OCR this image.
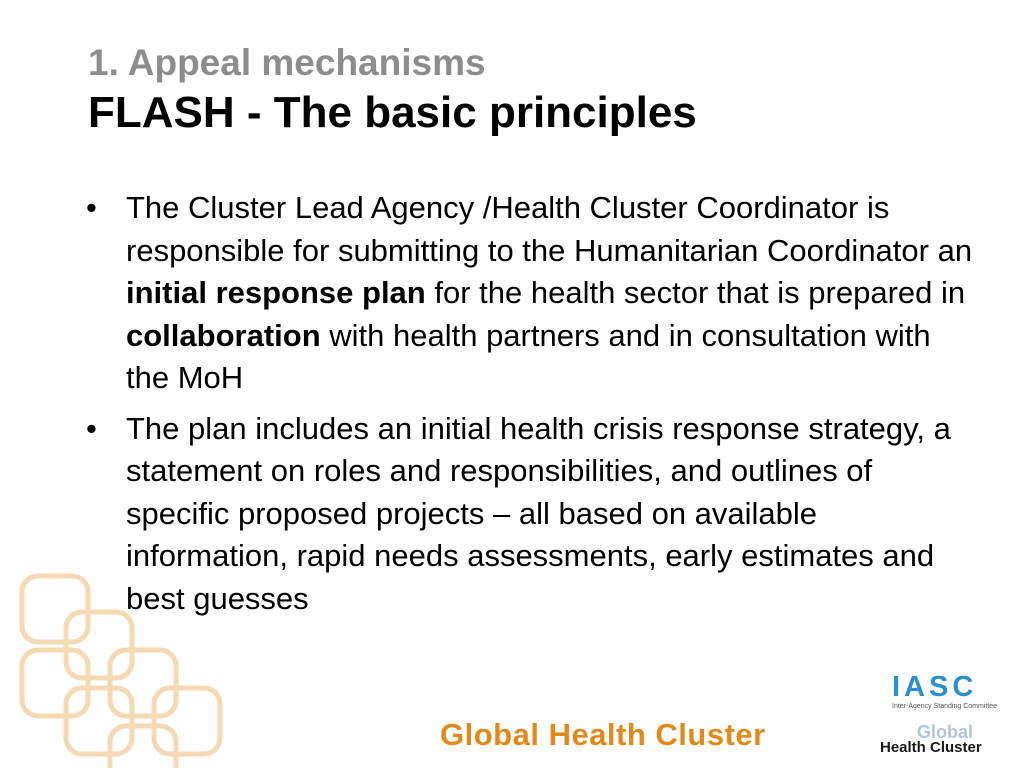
1. Appeal mechanisms
FLASH - The basic principles
• The Cluster Lead Agency /Health Cluster Coordinator is responsible for submitting to the Humanitarian Coordinator an initial response plan for the health sector that is prepared in collaboration with health partners and in consultation with the MoH
• The plan includes an initial health crisis response strategy, a statement on roles and responsibilities, and outlines of specific proposed projects – all based on available information, rapid needs assessments, early estimates and best guesses
Global Health Cluster
IASC
Inter-Agency Standing Committee
Global
Health Cluster
